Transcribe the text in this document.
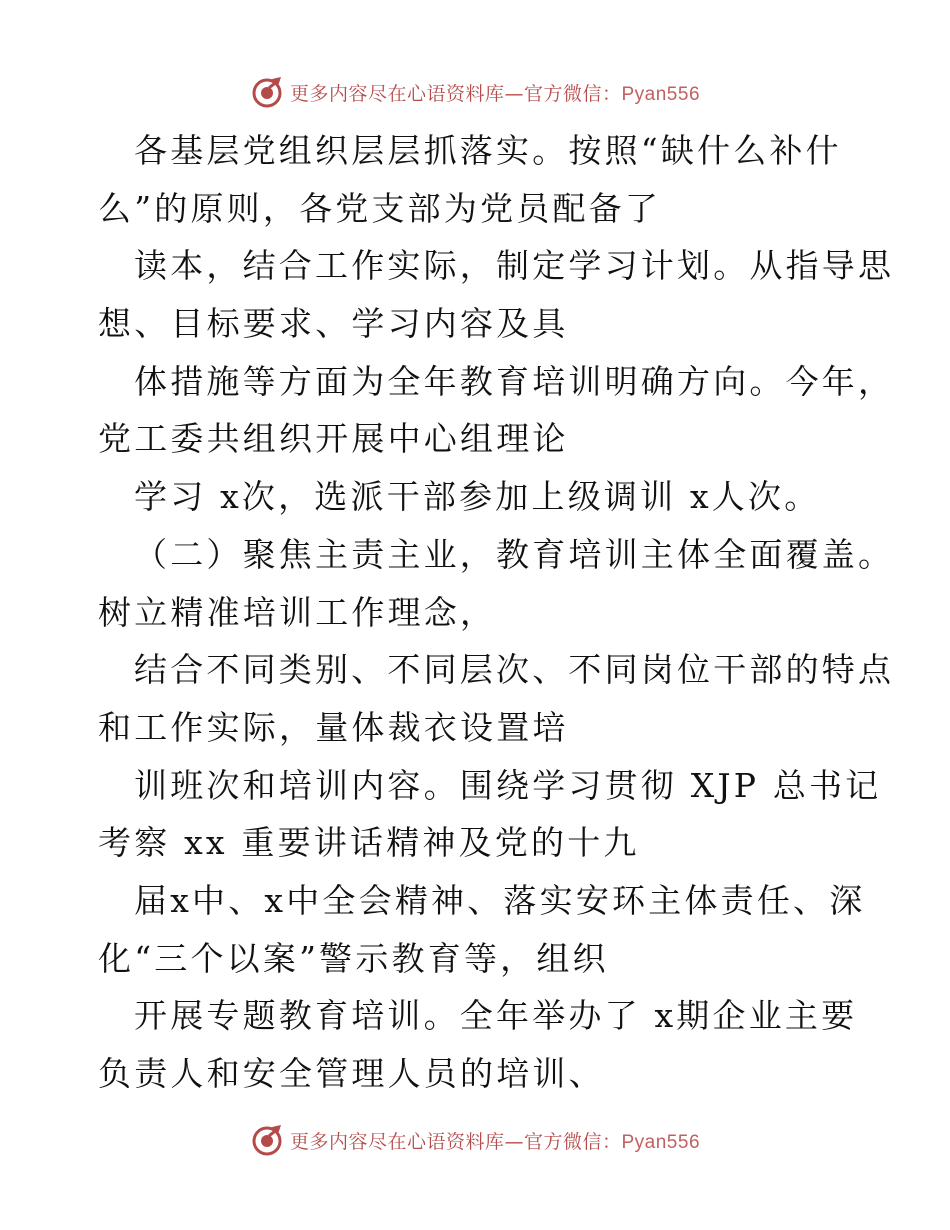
更多内容尽在心语资料库—官方微信：Pyan556
各基层党组织层层抓落实。按照“缺什么补什
么”的原则，各党支部为党员配备了
读本，结合工作实际，制定学习计划。从指导思
想、目标要求、学习内容及具
体措施等方面为全年教育培训明确方向。今年，
党工委共组织开展中心组理论
学习 x次，选派干部参加上级调训 x人次。
（二）聚焦主责主业，教育培训主体全面覆盖。
树立精准培训工作理念，
结合不同类别、不同层次、不同岗位干部的特点
和工作实际，量体裁衣设置培
训班次和培训内容。围绕学习贯彻 XJP 总书记
考察 xx 重要讲话精神及党的十九
届x中、x中全会精神、落实安环主体责任、深
化“三个以案”警示教育等，组织
开展专题教育培训。全年举办了 x期企业主要
负责人和安全管理人员的培训、
更多内容尽在心语资料库—官方微信：Pyan556
